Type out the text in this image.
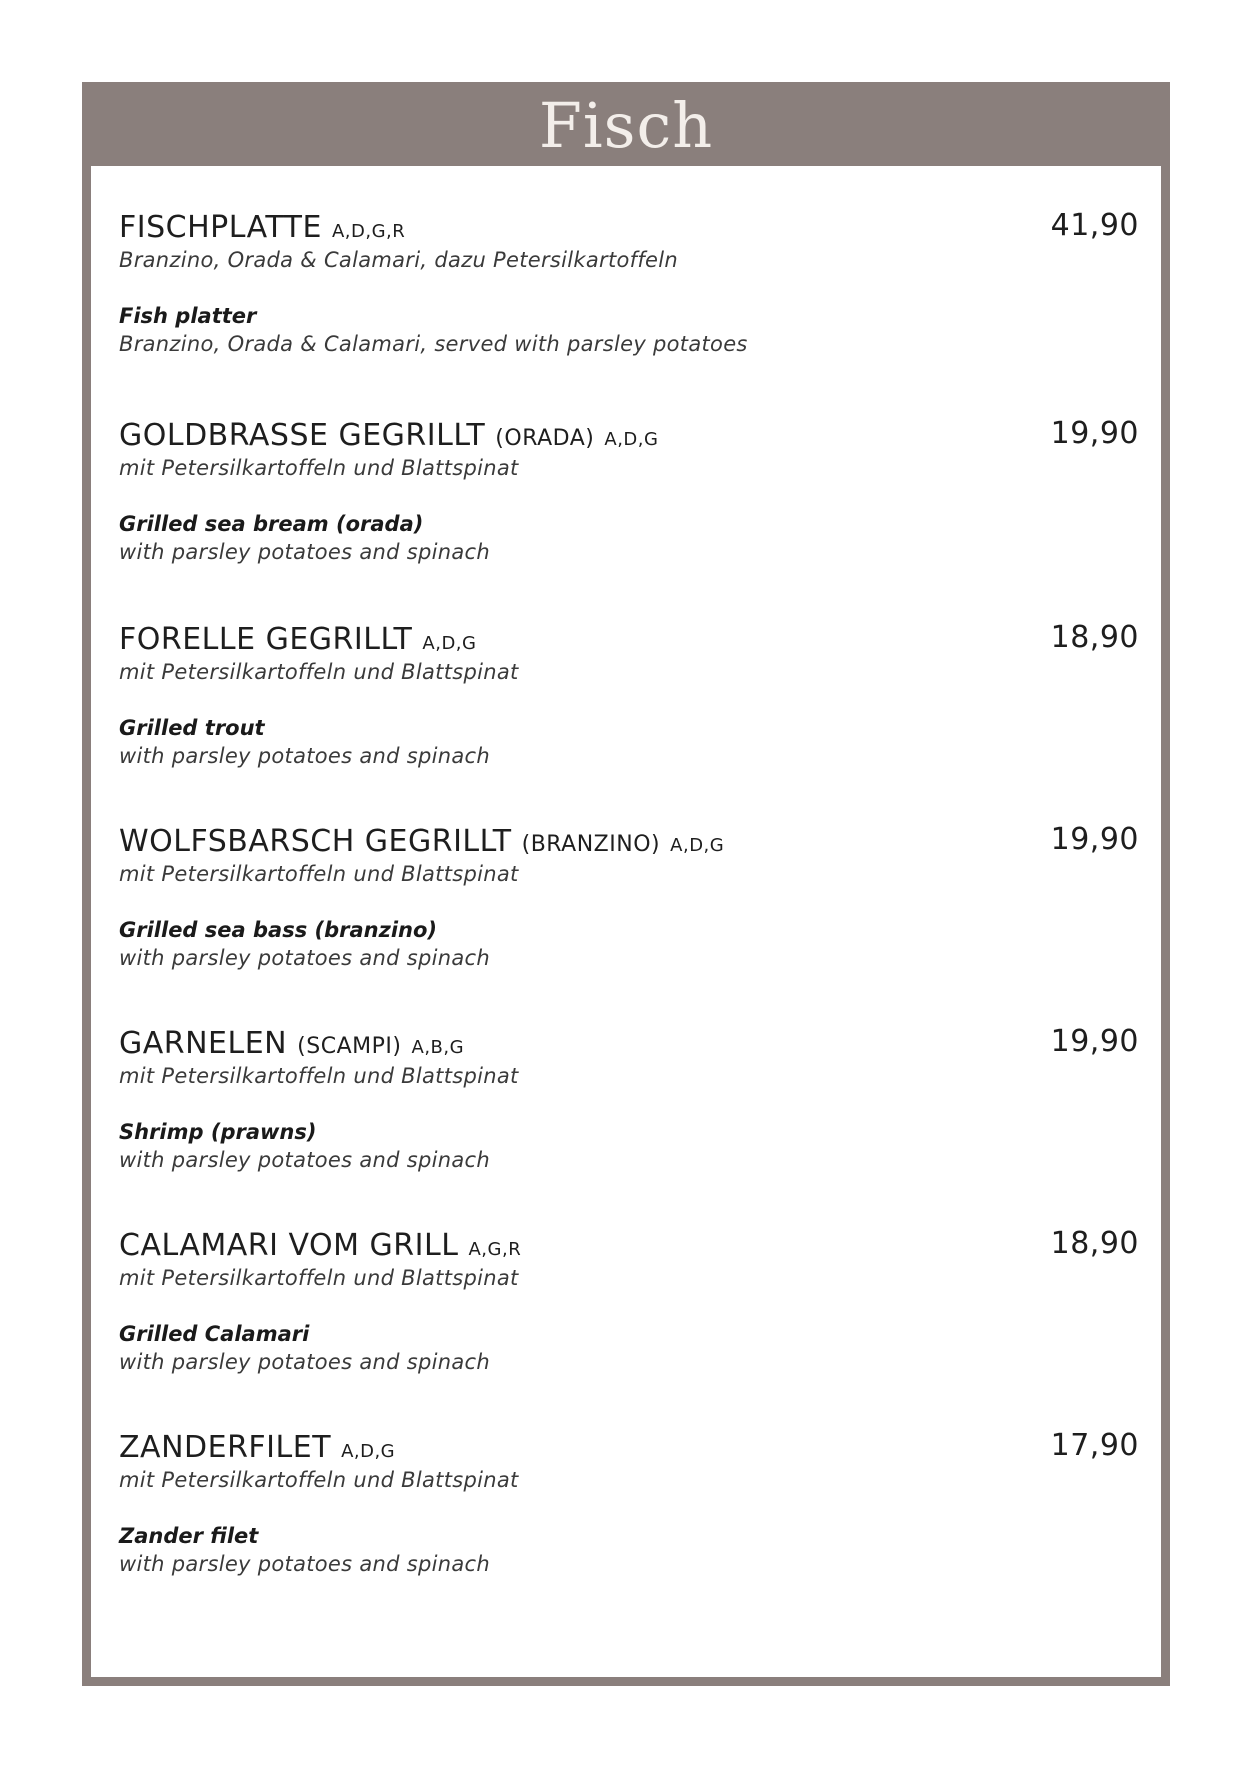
Fisch
FISCHPLATTE A,D,G,R	41,90
Branzino, Orada & Calamari, dazu Petersilkartoffeln
Fish platter
Branzino, Orada & Calamari, served with parsley potatoes
GOLDBRASSE GEGRILLT (ORADA) A,D,G	19,90
mit Petersilkartoffeln und Blattspinat
Grilled sea bream (orada)
with parsley potatoes and spinach
FORELLE GEGRILLT A,D,G	18,90
mit Petersilkartoffeln und Blattspinat
Grilled trout
with parsley potatoes and spinach
WOLFSBARSCH GEGRILLT (BRANZINO) A,D,G	19,90
mit Petersilkartoffeln und Blattspinat
Grilled sea bass (branzino)
with parsley potatoes and spinach
GARNELEN (SCAMPI) A,B,G	19,90
mit Petersilkartoffeln und Blattspinat
Shrimp (prawns)
with parsley potatoes and spinach
CALAMARI VOM GRILL A,G,R	18,90
mit Petersilkartoffeln und Blattspinat
Grilled Calamari
with parsley potatoes and spinach
ZANDERFILET A,D,G	17,90
mit Petersilkartoffeln und Blattspinat
Zander filet
with parsley potatoes and spinach
